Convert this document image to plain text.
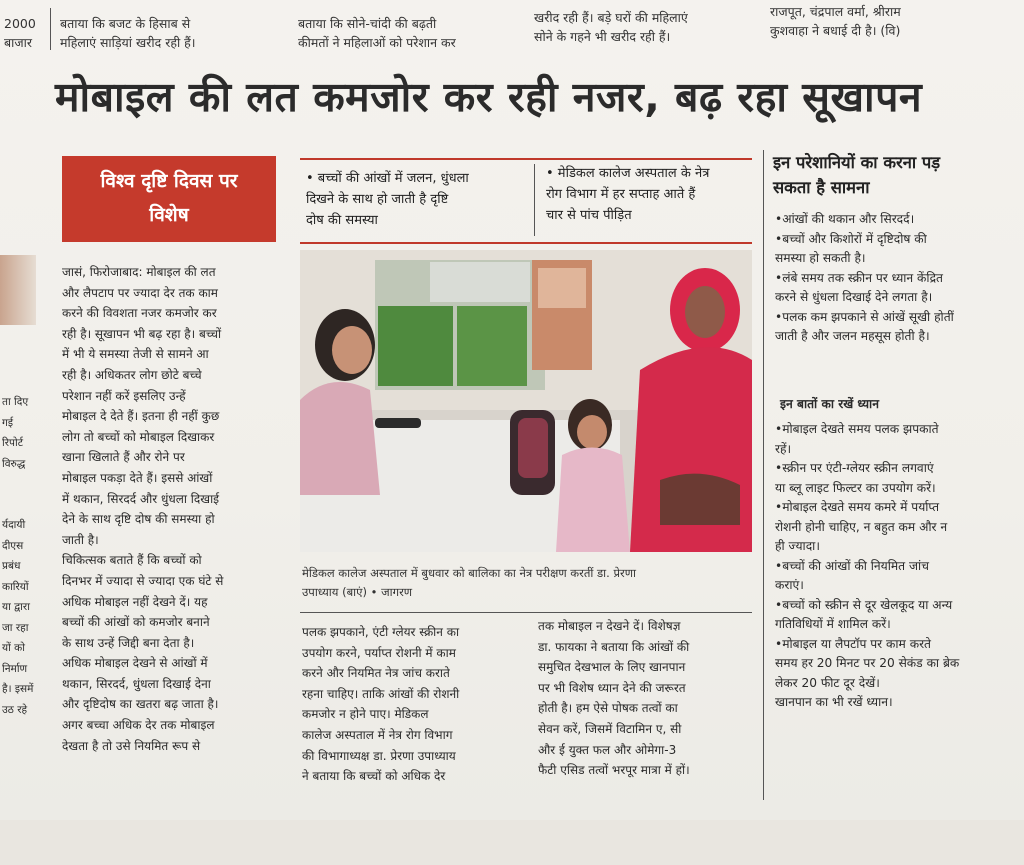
2000
बाजार
बताया कि बजट के हिसाब से
महिलाएं साड़ियां खरीद रही हैं।
बताया कि सोने-चांदी की बढ़ती
कीमतों ने महिलाओं को परेशान कर
खरीद रही हैं। बड़े घरों की महिलाएं
सोने के गहने भी खरीद रही हैं।
राजपूत, चंद्रपाल वर्मा, श्रीराम
कुशवाहा ने बधाई दी है। (वि)
मोबाइल की लत कमजोर कर रही नजर, बढ़ रहा सूखापन
विश्व दृष्टि दिवस पर
विशेष
• बच्चों की आंखों में जलन, धुंधला
दिखने के साथ हो जाती है दृष्टि
दोष की समस्या
• मेडिकल कालेज अस्पताल के नेत्र
रोग विभाग में हर सप्ताह आते हैं
चार से पांच पीड़ित
ता दिए
गई
रिपोर्ट
विरुद्ध

र्यदायी
दीएस
प्रबंध
कारियों
या द्वारा
जा रहा
यों को
निर्माण
है। इसमें
उठ रहे
जासं, फिरोजाबाद: मोबाइल की लत
और लैपटाप पर ज्यादा देर तक काम
करने की विवशता नजर कमजोर कर
रही है। सूखापन भी बढ़ रहा है। बच्चों
में भी ये समस्या तेजी से सामने आ
रही है। अधिकतर लोग छोटे बच्चे
परेशान नहीं करें इसलिए उन्हें
मोबाइल दे देते हैं। इतना ही नहीं कुछ
लोग तो बच्चों को मोबाइल दिखाकर
खाना खिलाते हैं और रोने पर
मोबाइल पकड़ा देते हैं। इससे आंखों
में थकान, सिरदर्द और धुंधला दिखाई
देने के साथ दृष्टि दोष की समस्या हो
जाती है।
चिकित्सक बताते हैं कि बच्चों को
दिनभर में ज्यादा से ज्यादा एक घंटे से
अधिक मोबाइल नहीं देखने दें। यह
बच्चों की आंखों को कमजोर बनाने
के साथ उन्हें जिद्दी बना देता है।
अधिक मोबाइल देखने से आंखों में
थकान, सिरदर्द, धुंधला दिखाई देना
और दृष्टिदोष का खतरा बढ़ जाता है।
अगर बच्चा अधिक देर तक मोबाइल
देखता है तो उसे नियमित रूप से
मेडिकल कालेज अस्पताल में बुधवार को बालिका का नेत्र परीक्षण करतीं डा. प्रेरणा
उपाध्याय (बाएं) • जागरण
पलक झपकाने, एंटी ग्लेयर स्क्रीन का
उपयोग करने, पर्याप्त रोशनी में काम
करने और नियमित नेत्र जांच कराते
रहना चाहिए। ताकि आंखों की रोशनी
कमजोर न होने पाए। मेडिकल
कालेज अस्पताल में नेत्र रोग विभाग
की विभागाध्यक्ष डा. प्रेरणा उपाध्याय
ने बताया कि बच्चों को अधिक देर
तक मोबाइल न देखने दें। विशेषज्ञ
डा. फायका ने बताया कि आंखों की
समुचित देखभाल के लिए खानपान
पर भी विशेष ध्यान देने की जरूरत
होती है। हम ऐसे पोषक तत्वों का
सेवन करें, जिसमें विटामिन ए, सी
और ई युक्त फल और ओमेगा-3
फैटी एसिड तत्वों भरपूर मात्रा में हों।
इन परेशानियों का करना पड़
सकता है सामना
•आंखों की थकान और सिरदर्द।
•बच्चों और किशोरों में दृष्टिदोष की
समस्या हो सकती है।
•लंबे समय तक स्क्रीन पर ध्यान केंद्रित
करने से धुंधला दिखाई देने लगता है।
•पलक कम झपकाने से आंखें सूखी होतीं
जाती है और जलन महसूस होती है।
इन बातों का रखें ध्यान
•मोबाइल देखते समय पलक झपकाते
रहें।
•स्क्रीन पर एंटी-ग्लेयर स्क्रीन लगवाएं
या ब्लू लाइट फिल्टर का उपयोग करें।
•मोबाइल देखते समय कमरे में पर्याप्त
रोशनी होनी चाहिए, न बहुत कम और न
ही ज्यादा।
•बच्चों की आंखों की नियमित जांच
कराएं।
•बच्चों को स्क्रीन से दूर खेलकूद या अन्य
गतिविधियों में शामिल करें।
•मोबाइल या लैपटॉप पर काम करते
समय हर 20 मिनट पर 20 सेकंड का ब्रेक
लेकर 20 फीट दूर देखें।
खानपान का भी रखें ध्यान।
